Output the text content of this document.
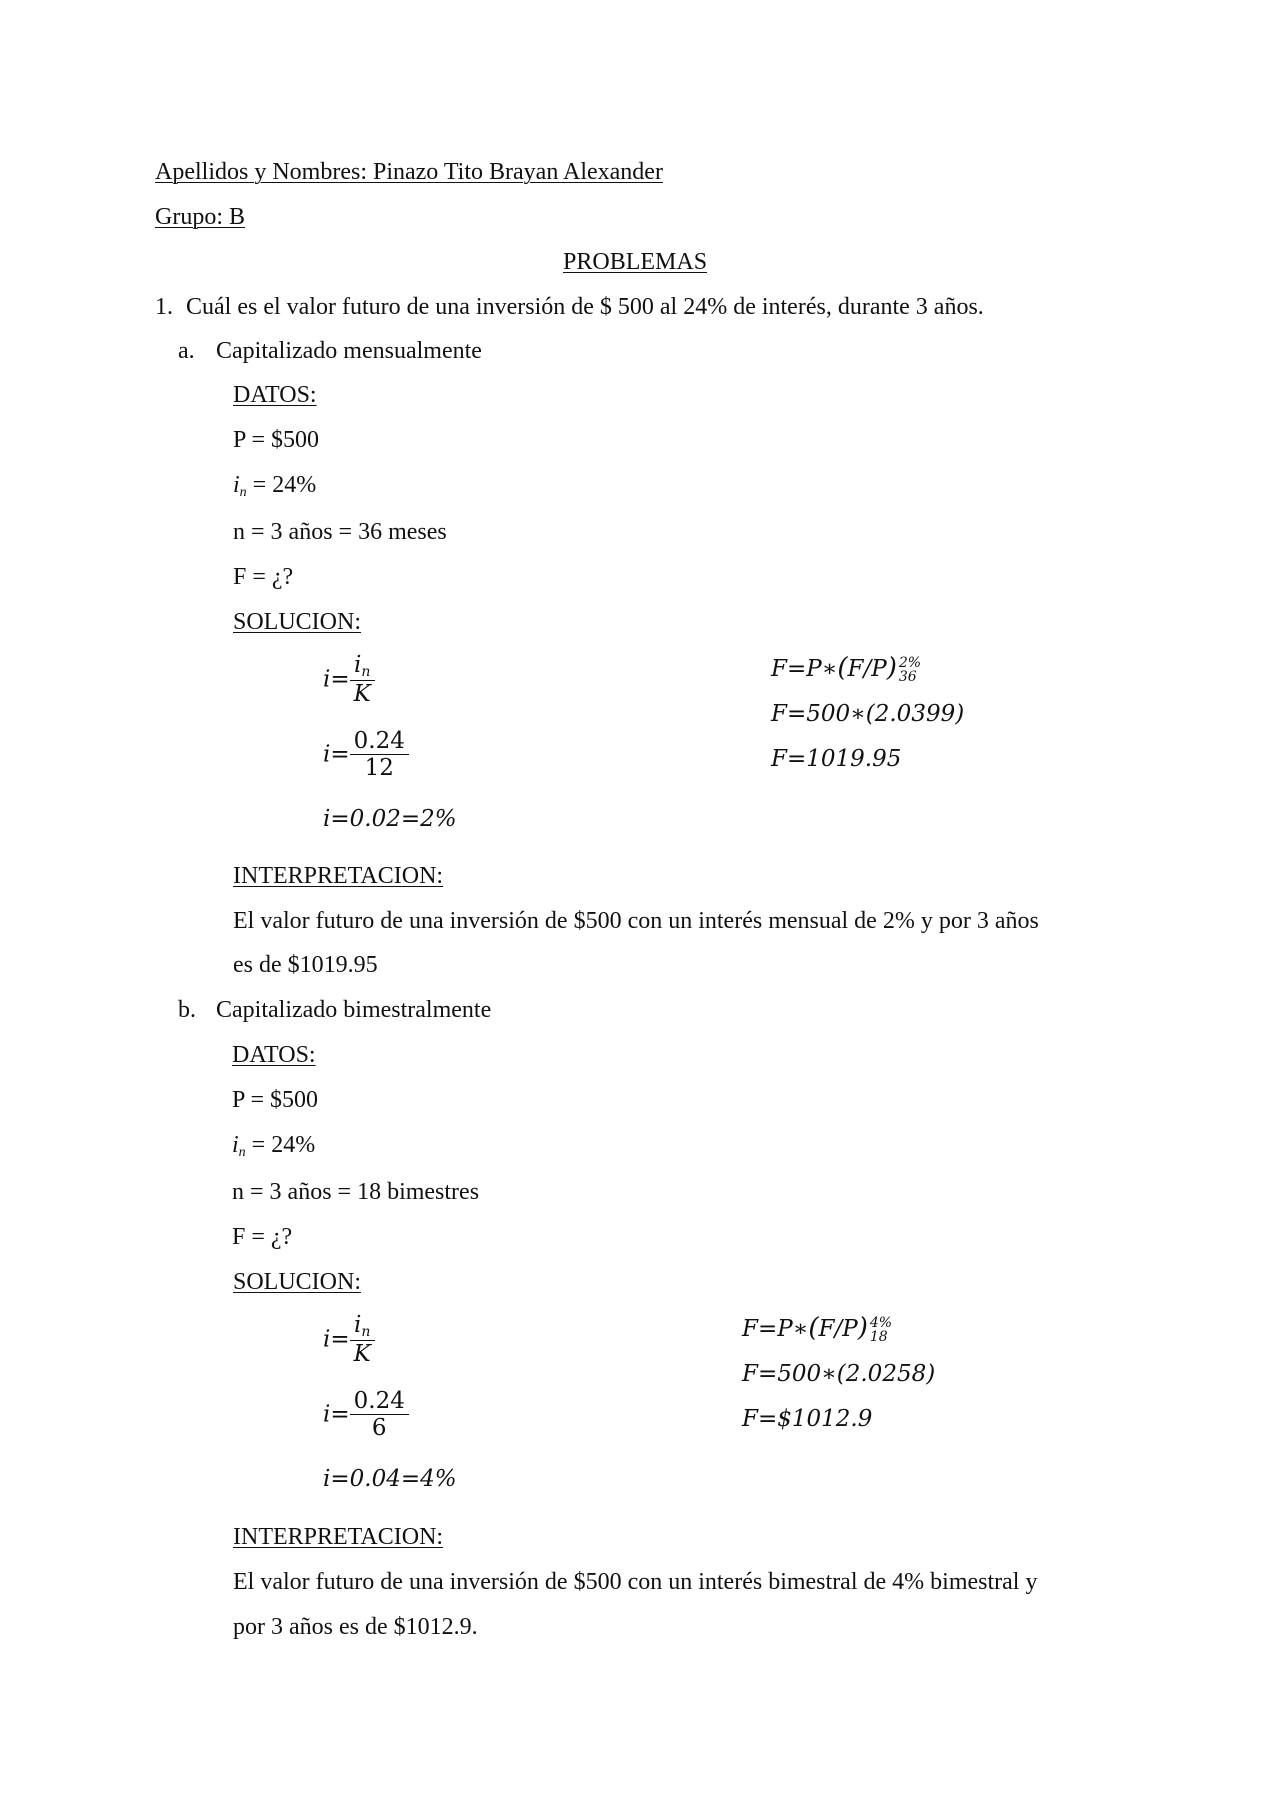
Apellidos y Nombres: Pinazo Tito Brayan Alexander
Grupo: B
PROBLEMAS
1. Cuál es el valor futuro de una inversión de $ 500 al 24% de interés, durante 3 años.
a. Capitalizado mensualmente
DATOS:
P = $500
$i_n = 24\%$
n = 3 años = 36 meses
F = ¿?
SOLUCION:
$i= \frac{i_n}{K}$
$i= \frac{0.24}{12}$
i=0.02=2%
F=P∗(F/P) 2%
36
F=500∗(2.0399)
F=1019.95
INTERPRETACION:
El valor futuro de una inversión de $500 con un interés mensual de 2% y por 3 años
es de $1019.95
b. Capitalizado bimestralmente
DATOS:
P = $500
$i_n = 24\%$
n = 3 años = 18 bimestres
F = ¿?
SOLUCION:
$i= \frac{i_n}{K}$
$i= \frac{0.24}{6}$
i=0.04=4%
F=P∗(F/P) 4%
18
F=500∗(2.0258)
F=$1012.9
INTERPRETACION:
El valor futuro de una inversión de $500 con un interés bimestral de 4% bimestral y
por 3 años es de $1012.9.
